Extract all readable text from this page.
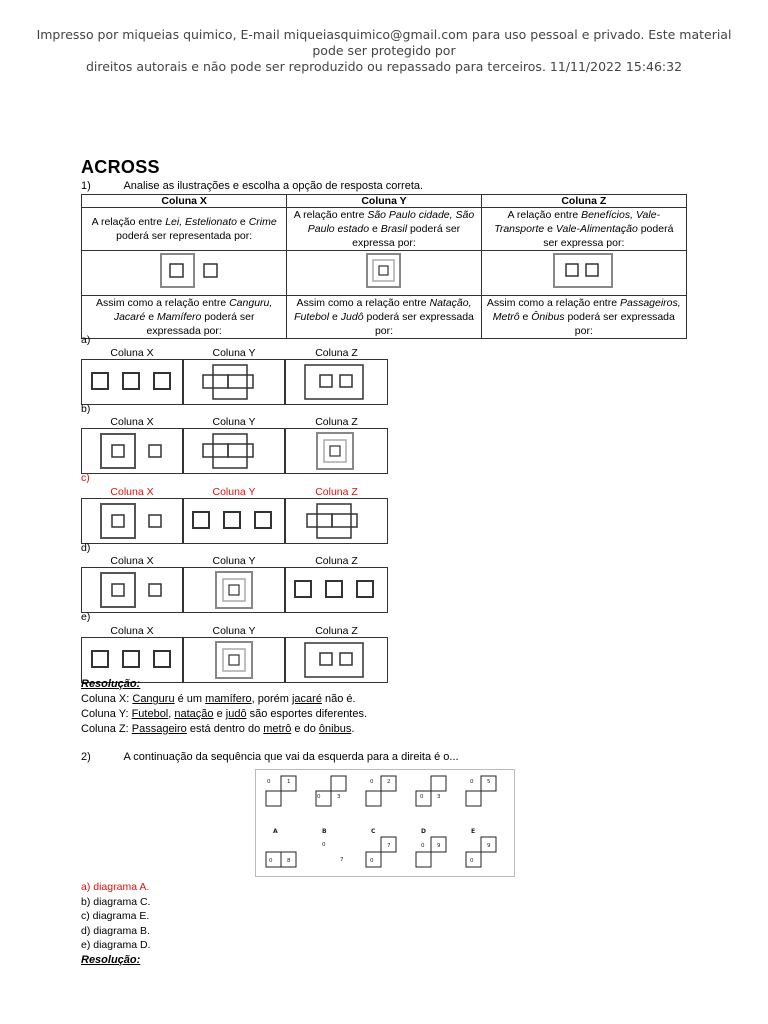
Impresso por miqueias quimico, E-mail miqueiasquimico@gmail.com para uso pessoal e privado. Este material pode ser protegido por
direitos autorais e não pode ser reproduzido ou repassado para terceiros. 11/11/2022 15:46:32
ACROSS
1)	Analise as ilustrações e escolha a opção de resposta correta.
Coluna X	Coluna Y	Coluna Z
A relação entre Lei, Estelionato e Crime poderá ser representada por:	A relação entre São Paulo cidade, São Paulo estado e Brasil poderá ser expressa por:	A relação entre Benefícios, Vale-Transporte e Vale-Alimentação poderá ser expressa por:

Assim como a relação entre Canguru, Jacaré e Mamífero poderá ser expressada por:	Assim como a relação entre Natação, Futebol e Judô poderá ser expressada por:	Assim como a relação entre Passageiros, Metrô e Ônibus poderá ser expressada por:
a)
Coluna X	Coluna Y	Coluna Z
b)
Coluna X	Coluna Y	Coluna Z
c)
Coluna X	Coluna Y	Coluna Z
d)
Coluna X	Coluna Y	Coluna Z
e)
Coluna X	Coluna Y	Coluna Z
Resolução:
Coluna X: Canguru é um mamífero, porém jacaré não é.
Coluna Y: Futebol, natação e judô são esportes diferentes.
Coluna Z: Passageiro está dentro do metrô e do ônibus.
2)	A continuação da sequência que vai da esquerda para a direita é o...
0	1
0	3
0 2
0 3
0 5
A	B	C	D	E
0	8
0
7	0
7	0 9
0
9
a) diagrama A.
b) diagrama C.
c) diagrama E.
d) diagrama B.
e) diagrama D.
Resolução:
